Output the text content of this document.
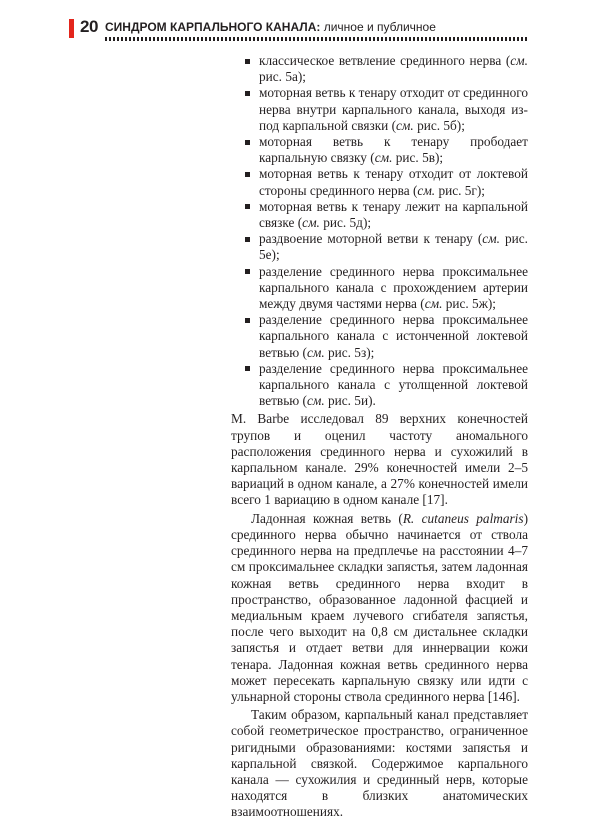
20 СИНДРОМ КАРПАЛЬНОГО КАНАЛА: личное и публичное
классическое ветвление срединного нерва (см. рис. 5а);
моторная ветвь к тенару отходит от срединного нерва внутри карпального канала, выходя из-под карпальной связки (см. рис. 5б);
моторная ветвь к тенару прободает карпальную связку (см. рис. 5в);
моторная ветвь к тенару отходит от локтевой стороны срединного нерва (см. рис. 5г);
моторная ветвь к тенару лежит на карпальной связке (см. рис. 5д);
раздвоение моторной ветви к тенару (см. рис. 5е);
разделение срединного нерва проксимальнее карпального канала с прохождением артерии между двумя частями нерва (см. рис. 5ж);
разделение срединного нерва проксимальнее карпального канала с истонченной локтевой ветвью (см. рис. 5з);
разделение срединного нерва проксимальнее карпального канала с утолщенной локтевой ветвью (см. рис. 5и).

M. Barbe исследовал 89 верхних конечностей трупов и оценил частоту аномального расположения срединного нерва и сухожилий в карпальном канале. 29% конечностей имели 2–5 вариаций в одном канале, а 27% конечностей имели всего 1 вариацию в одном канале [17].

Ладонная кожная ветвь (R. cutaneus palmaris) срединного нерва обычно начинается от ствола срединного нерва на предплечье на расстоянии 4–7 см проксимальнее складки запястья, затем ладонная кожная ветвь срединного нерва входит в пространство, образованное ладонной фасцией и медиальным краем лучевого сгибателя запястья, после чего выходит на 0,8 см дистальнее складки запястья и отдает ветви для иннервации кожи тенара. Ладонная кожная ветвь срединного нерва может пересекать карпальную связку или идти с ульнарной стороны ствола срединного нерва [146].

Таким образом, карпальный канал представляет собой геометрическое пространство, ограниченное ригидными образованиями: костями запястья и карпальной связкой. Содержимое карпального канала — сухожилия и срединный нерв, которые находятся в близких анатомических взаимоотношениях.
